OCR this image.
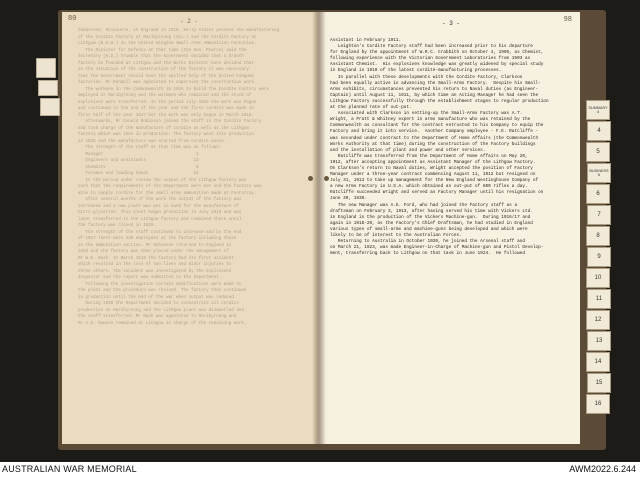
80	- 2 -
Chadstone, Melbourne, in England in 1916. Kelly states possess the manufacturing
of the Cordite Factory at Maribyrnong (Vic.) and the Cordite Factory at
Lithgow (N.S.W.) in the United Kingdom Small Arms Ammunition Factories.
The Minister for Defence at that time (the Hon. Pearce) said the
Secretary (H.D.) Trumble that the Government decided that a branch
factory be founded at Lithgow and the Works Director Gunn decided that
in the situation of the construction of the factory it was necessary
that the Government should have the skilled help of the United Kingdom
factories. Mr Kendall was appointed to supervise the construction work.
The workmen in the Commonwealth in 1916 to build the Cordite Factory were
employed at Maribyrnong and the workmen who remained and the stock of
explosives were transferred. In the period July 1916 the work was begun
and continued to the end of the year and the first cordite was made in
first half of the year 1917 but the work was only begun in March 1916.
Afterwards, Mr Donald Robinson joined the staff in the Cordite Factory
and took charge of the manufacture of cordite as well as the Lithgow
factory which was then in production. The factory went into production
in 1916 and the manufacture was started from cordite paste.
The strength of the staff at that time was as follows:
Manager                                     1
Engineers and assistants                   12
Chemists                                    6
Foremen and leading hands                  24
In the period under review the output of the Lithgow factory was
such that the requirements of the Department were met and the factory was
able to supply cordite for the small arms ammunition made at Footscray.
After several months of the work the output of the factory was
increased and a new plant was put in hand for the manufacture of
nitro-glycerine. This plant began production in July 1918 and was
later transferred to the Lithgow factory and remained there until
the factory was closed in 1920.
The strength of the staff continued to increase and by the end
of 1917 there were 420 employees at the factory including those
in the ammunition section. Mr Robinson returned to England in
1919 and the factory was then placed under the management of
Mr W.E. Nash. In March 1919 the factory had its first accident
which resulted in the loss of two lives and minor injuries to
three others. The incident was investigated by the Explosives
Inspector and the report was submitted to the Department.
Following the investigation certain modifications were made to
the plant and the procedure was revised. The factory then continued
in production until the end of the war when output was reduced.
During 1920 the Department decided to concentrate all cordite
production at Maribyrnong and the Lithgow plant was dismantled and
the staff transferred. Mr Nash was appointed to Maribyrnong and
Mr A.E. Dawson remained at Lithgow in charge of the remaining work.
98
- 3 -
Assistant in February 1911.
Leighton's Cordite Factory staff had been increased prior to his departure
for England by the appointment of W.R.C. Crabbith on October 4, 1909, as Chemist,
following experience with the Victorian Government Laboratories from 1903 as
Assistant Chemist.  His explosives knowledge was greatly widened by special study
in England in 1910 of the latest cordite-manufacturing processes.
In parallel with these developments with the Cordite Factory, Clarkson
had been equally active in advancing the Small-Arms Factory.  Despite his Small-
Arms exhibits, circumstances prevented his return to Naval duties (as Engineer-
Captain) until August 11, 1911, by which time an Acting Manager he had seen the
Lithgow Factory successfully through the establishment stages to regular production
at the planned rate of out-put.
Associated with Clarkson in setting-up the Small-Arms Factory was A.T.
Wright, a Pratt & Whitney expert in arms manufacture who was retained by the
Commonwealth as consultant for the contract entrusted to his Company to equip the
Factory and bring it into service.  Another Company employee - F.E. Ratcliffe -
was seconded under contract to the Department of Home Affairs (the Commonwealth
Works Authority at that time) during the construction of the Factory buildings
and the installation of plant and power and other services.
Ratcliffe was transferred from the Department of Home Affairs on May 20,
1912, after accepting appointment as Assistant Manager of the Lithgow Factory.
On Clarkson's return to Naval duties, Wright accepted the position of Factory
Manager under a three-year contract commencing August 11, 1912 but resigned on
July 31, 1913 to take up management for the New England Westinghouse Company of
a new Arms Factory in U.S.A. which obtained an out-put of 600 rifles a day.
Ratcliffe succeeded Wright and served as Factory Manager until his resignation on
June 30, 1930.
The new Manager was A.E. Ford, who had joined the Factory staff as a
draftsman on February 3, 1913, after having served his time with Vickers Ltd.
in England in the production of the Vickers Machine-gun.  During 1916/17 and
again in 1918-20, as the Factory's Chief Draftsman, he had studied in England
various types of small-arms and machine-guns being developed and which were
likely to be of interest to the Australian Forces.
Returning to Australia in October 1920, he joined the Arsenal staff and
on March 21, 1923, was made Engineer-in-Charge of Machine-gun and Pistol Develop-
ment, transferring back to Lithgow on that task in June 1924.  He followed
SUMMARY 4
4
5
BUSINESS 6
6
7
8
9
10
11
12
13
14
15
16
AUSTRALIAN WAR MEMORIAL	AWM2022.6.244
